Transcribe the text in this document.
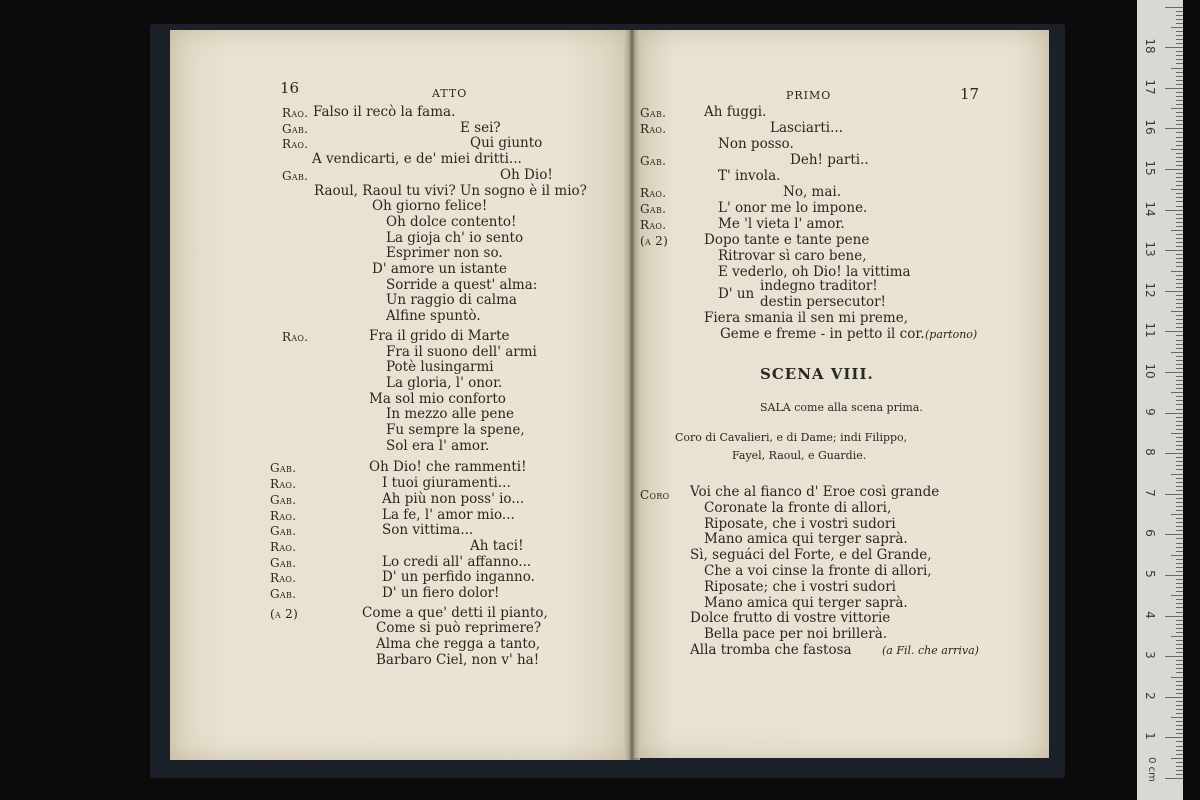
16	ATTO
Rao. Falso il recò la fama.
Gab.	E sei?
Rao.	Qui giunto
A vendicarti, e de' miei dritti...
Gab.	Oh Dio!
Raoul, Raoul tu vivi? Un sogno è il mio?
Oh giorno felice!
Oh dolce contento!
La gioja ch' io sento
Esprimer non so.
D' amore un istante
Sorride a quest' alma:
Un raggio di calma
Alfine spuntò.
Rao.	Fra il grido di Marte
Fra il suono dell' armi
Potè lusingarmi
La gloria, l' onor.
Ma sol mio conforto
In mezzo alle pene
Fu sempre la spene,
Sol era l' amor.
Gab.	Oh Dio! che rammenti!
Rao.	I tuoi giuramenti...
Gab.	Ah più non poss' io...
Rao.	La fe, l' amor mio...
Gab.	Son vittima...
Rao.	Ah taci!
Gab.	Lo credi all' affanno...
Rao.	D' un perfido inganno.
Gab.	D' un fiero dolor!
(a 2)	Come a que' detti il pianto,
Come si può reprimere?
Alma che regga a tanto,
Barbaro Ciel, non v' ha!
PRIMO	17
Gab.	Ah fuggi.
Rao.	Lasciarti...
Non posso.
Gab.	Deh! parti..
T' invola.
Rao.	No, mai.
Gab.	L' onor me lo impone.
Rao.	Me 'l vieta l' amor.
(a 2)	Dopo tante e tante pene
Ritrovar sì caro bene,
E vederlo, oh Dio! la vittima
indegno traditor!
D' un destin persecutor!
Fiera smania il sen mi preme,
Geme e freme - in petto il cor. (partono)
SCENA VIII.
SALA come alla scena prima.
Coro di Cavalieri, e di Dame; indi Filippo,
Fayel, Raoul, e Guardie.
Coro Voi che al fianco d' Eroe così grande
Coronate la fronte di allori,
Riposate, che i vostri sudori
Mano amica qui terger saprà.
Sì, seguáci del Forte, e del Grande,
Che a voi cinse la fronte di allori,
Riposate; che i vostri sudori
Mano amica qui terger saprà.
Dolce frutto di vostre vittorie
Bella pace per noi brillerà.
Alla tromba che fastosa	(a Fil. che arriva)
1
2
3
4
5
6
7
8
9
10
11
12
13
14
15
16
17
18
0 cm
